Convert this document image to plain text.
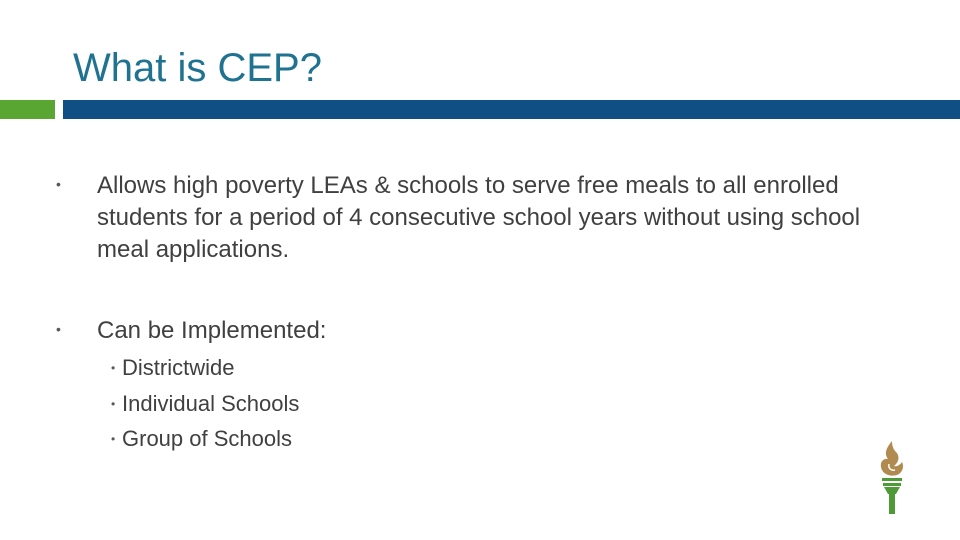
What is CEP?
• Allows high poverty LEAs & schools to serve free meals to all enrolled students for a period of 4 consecutive school years without using school meal applications.
• Can be Implemented:
• Districtwide
• Individual Schools
• Group of Schools
